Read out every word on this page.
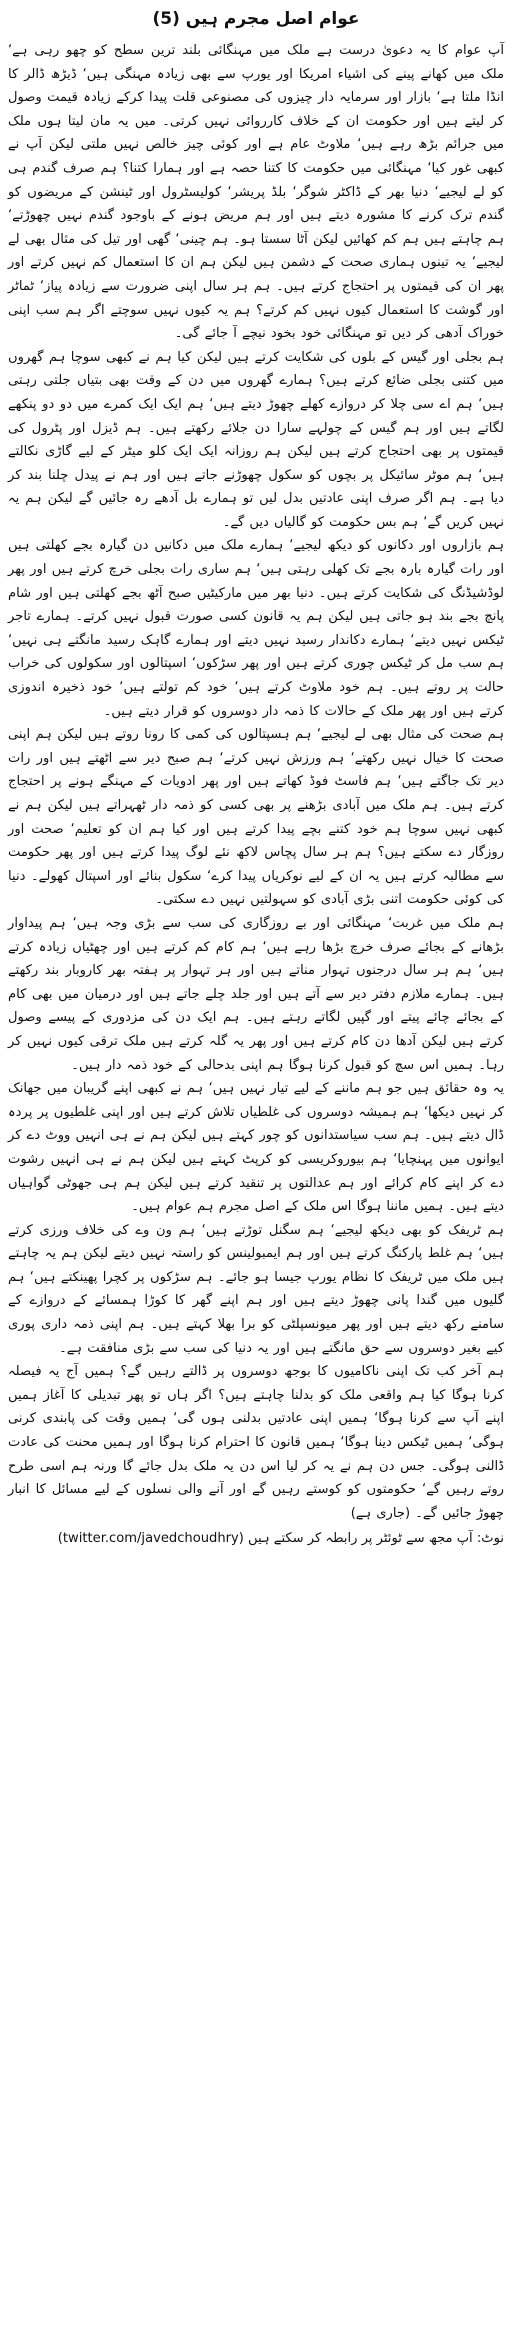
عوام اصل مجرم ہیں (5)

آپ عوام کا یہ دعویٰ درست ہے ملک میں مہنگائی بلند ترین سطح کو چھو رہی ہے‘ ملک میں کھانے پینے کی اشیاء امریکا اور یورپ سے بھی زیادہ مہنگی ہیں‘ ڈیڑھ ڈالر کا انڈا ملتا ہے‘ بازار اور سرمایہ دار چیزوں کی مصنوعی قلت پیدا کرکے زیادہ قیمت وصول کر لیتے ہیں اور حکومت ان کے خلاف کارروائی نہیں کرتی۔ میں یہ مان لیتا ہوں ملک میں جرائم بڑھ رہے ہیں‘ ملاوٹ عام ہے اور کوئی چیز خالص نہیں ملتی لیکن آپ نے کبھی غور کیا‘ مہنگائی میں حکومت کا کتنا حصہ ہے اور ہمارا کتنا؟ ہم صرف گندم ہی کو لے لیجیے‘ دنیا بھر کے ڈاکٹر شوگر‘ بلڈ پریشر‘ کولیسٹرول اور ٹینشن کے مریضوں کو گندم ترک کرنے کا مشورہ دیتے ہیں اور ہم مریض ہونے کے باوجود گندم نہیں چھوڑتے‘ ہم چاہتے ہیں ہم کم کھائیں لیکن آٹا سستا ہو۔ ہم چینی‘ گھی اور تیل کی مثال بھی لے لیجیے‘ یہ تینوں ہماری صحت کے دشمن ہیں لیکن ہم ان کا استعمال کم نہیں کرتے اور پھر ان کی قیمتوں پر احتجاج کرتے ہیں۔ ہم ہر سال اپنی ضرورت سے زیادہ پیاز‘ ٹماٹر اور گوشت کا استعمال کیوں نہیں کم کرتے؟ ہم یہ کیوں نہیں سوچتے اگر ہم سب اپنی خوراک آدھی کر دیں تو مہنگائی خود بخود نیچے آ جائے گی۔

ہم بجلی اور گیس کے بلوں کی شکایت کرتے ہیں لیکن کیا ہم نے کبھی سوچا ہم گھروں میں کتنی بجلی ضائع کرتے ہیں؟ ہمارے گھروں میں دن کے وقت بھی بتیاں جلتی رہتی ہیں‘ ہم اے سی چلا کر دروازے کھلے چھوڑ دیتے ہیں‘ ہم ایک ایک کمرے میں دو دو پنکھے لگاتے ہیں اور ہم گیس کے چولہے سارا دن جلائے رکھتے ہیں۔ ہم ڈیزل اور پٹرول کی قیمتوں پر بھی احتجاج کرتے ہیں لیکن ہم روزانہ ایک ایک کلو میٹر کے لیے گاڑی نکالتے ہیں‘ ہم موٹر سائیکل پر بچوں کو سکول چھوڑنے جاتے ہیں اور ہم نے پیدل چلنا بند کر دیا ہے۔ ہم اگر صرف اپنی عادتیں بدل لیں تو ہمارے بل آدھے رہ جائیں گے لیکن ہم یہ نہیں کریں گے‘ ہم بس حکومت کو گالیاں دیں گے۔

ہم بازاروں اور دکانوں کو دیکھ لیجیے‘ ہمارے ملک میں دکانیں دن گیارہ بجے کھلتی ہیں اور رات گیارہ بارہ بجے تک کھلی رہتی ہیں‘ ہم ساری رات بجلی خرچ کرتے ہیں اور پھر لوڈشیڈنگ کی شکایت کرتے ہیں۔ دنیا بھر میں مارکیٹیں صبح آٹھ بجے کھلتی ہیں اور شام پانچ بجے بند ہو جاتی ہیں لیکن ہم یہ قانون کسی صورت قبول نہیں کرتے۔ ہمارے تاجر ٹیکس نہیں دیتے‘ ہمارے دکاندار رسید نہیں دیتے اور ہمارے گاہک رسید مانگتے ہی نہیں‘ ہم سب مل کر ٹیکس چوری کرتے ہیں اور پھر سڑکوں‘ اسپتالوں اور سکولوں کی خراب حالت پر روتے ہیں۔ ہم خود ملاوٹ کرتے ہیں‘ خود کم تولتے ہیں‘ خود ذخیرہ اندوزی کرتے ہیں اور پھر ملک کے حالات کا ذمہ دار دوسروں کو قرار دیتے ہیں۔

ہم صحت کی مثال بھی لے لیجیے‘ ہم ہسپتالوں کی کمی کا رونا روتے ہیں لیکن ہم اپنی صحت کا خیال نہیں رکھتے‘ ہم ورزش نہیں کرتے‘ ہم صبح دیر سے اٹھتے ہیں اور رات دیر تک جاگتے ہیں‘ ہم فاسٹ فوڈ کھاتے ہیں اور پھر ادویات کے مہنگے ہونے پر احتجاج کرتے ہیں۔ ہم ملک میں آبادی بڑھنے پر بھی کسی کو ذمہ دار ٹھہراتے ہیں لیکن ہم نے کبھی نہیں سوچا ہم خود کتنے بچے پیدا کرتے ہیں اور کیا ہم ان کو تعلیم‘ صحت اور روزگار دے سکتے ہیں؟ ہم ہر سال پچاس لاکھ نئے لوگ پیدا کرتے ہیں اور پھر حکومت سے مطالبہ کرتے ہیں یہ ان کے لیے نوکریاں پیدا کرے‘ سکول بنائے اور اسپتال کھولے۔ دنیا کی کوئی حکومت اتنی بڑی آبادی کو سہولتیں نہیں دے سکتی۔

ہم ملک میں غربت‘ مہنگائی اور بے روزگاری کی سب سے بڑی وجہ ہیں‘ ہم پیداوار بڑھانے کے بجائے صرف خرچ بڑھا رہے ہیں‘ ہم کام کم کرتے ہیں اور چھٹیاں زیادہ کرتے ہیں‘ ہم ہر سال درجنوں تہوار مناتے ہیں اور ہر تہوار پر ہفتہ بھر کاروبار بند رکھتے ہیں۔ ہمارے ملازم دفتر دیر سے آتے ہیں اور جلد چلے جاتے ہیں اور درمیان میں بھی کام کے بجائے چائے پیتے اور گپیں لگاتے رہتے ہیں۔ ہم ایک دن کی مزدوری کے پیسے وصول کرتے ہیں لیکن آدھا دن کام کرتے ہیں اور پھر یہ گلہ کرتے ہیں ملک ترقی کیوں نہیں کر رہا۔ ہمیں اس سچ کو قبول کرنا ہوگا ہم اپنی بدحالی کے خود ذمہ دار ہیں۔

یہ وہ حقائق ہیں جو ہم ماننے کے لیے تیار نہیں ہیں‘ ہم نے کبھی اپنے گریبان میں جھانک کر نہیں دیکھا‘ ہم ہمیشہ دوسروں کی غلطیاں تلاش کرتے ہیں اور اپنی غلطیوں پر پردہ ڈال دیتے ہیں۔ ہم سب سیاستدانوں کو چور کہتے ہیں لیکن ہم نے ہی انہیں ووٹ دے کر ایوانوں میں پہنچایا‘ ہم بیوروکریسی کو کرپٹ کہتے ہیں لیکن ہم نے ہی انہیں رشوت دے کر اپنے کام کرائے اور ہم عدالتوں پر تنقید کرتے ہیں لیکن ہم ہی جھوٹی گواہیاں دیتے ہیں۔ ہمیں ماننا ہوگا اس ملک کے اصل مجرم ہم عوام ہیں۔

ہم ٹریفک کو بھی دیکھ لیجیے‘ ہم سگنل توڑتے ہیں‘ ہم ون وے کی خلاف ورزی کرتے ہیں‘ ہم غلط پارکنگ کرتے ہیں اور ہم ایمبولینس کو راستہ نہیں دیتے لیکن ہم یہ چاہتے ہیں ملک میں ٹریفک کا نظام یورپ جیسا ہو جائے۔ ہم سڑکوں پر کچرا پھینکتے ہیں‘ ہم گلیوں میں گندا پانی چھوڑ دیتے ہیں اور ہم اپنے گھر کا کوڑا ہمسائے کے دروازے کے سامنے رکھ دیتے ہیں اور پھر میونسپلٹی کو برا بھلا کہتے ہیں۔ ہم اپنی ذمہ داری پوری کیے بغیر دوسروں سے حق مانگتے ہیں اور یہ دنیا کی سب سے بڑی منافقت ہے۔

ہم آخر کب تک اپنی ناکامیوں کا بوجھ دوسروں پر ڈالتے رہیں گے؟ ہمیں آج یہ فیصلہ کرنا ہوگا کیا ہم واقعی ملک کو بدلنا چاہتے ہیں؟ اگر ہاں تو پھر تبدیلی کا آغاز ہمیں اپنے آپ سے کرنا ہوگا‘ ہمیں اپنی عادتیں بدلنی ہوں گی‘ ہمیں وقت کی پابندی کرنی ہوگی‘ ہمیں ٹیکس دینا ہوگا‘ ہمیں قانون کا احترام کرنا ہوگا اور ہمیں محنت کی عادت ڈالنی ہوگی۔ جس دن ہم نے یہ کر لیا اس دن یہ ملک بدل جائے گا ورنہ ہم اسی طرح روتے رہیں گے‘ حکومتوں کو کوستے رہیں گے اور آنے والی نسلوں کے لیے مسائل کا انبار چھوڑ جائیں گے۔ (جاری ہے)

نوٹ: آپ مجھ سے ٹوئٹر پر رابطہ کر سکتے ہیں (twitter.com/javedchoudhry)
